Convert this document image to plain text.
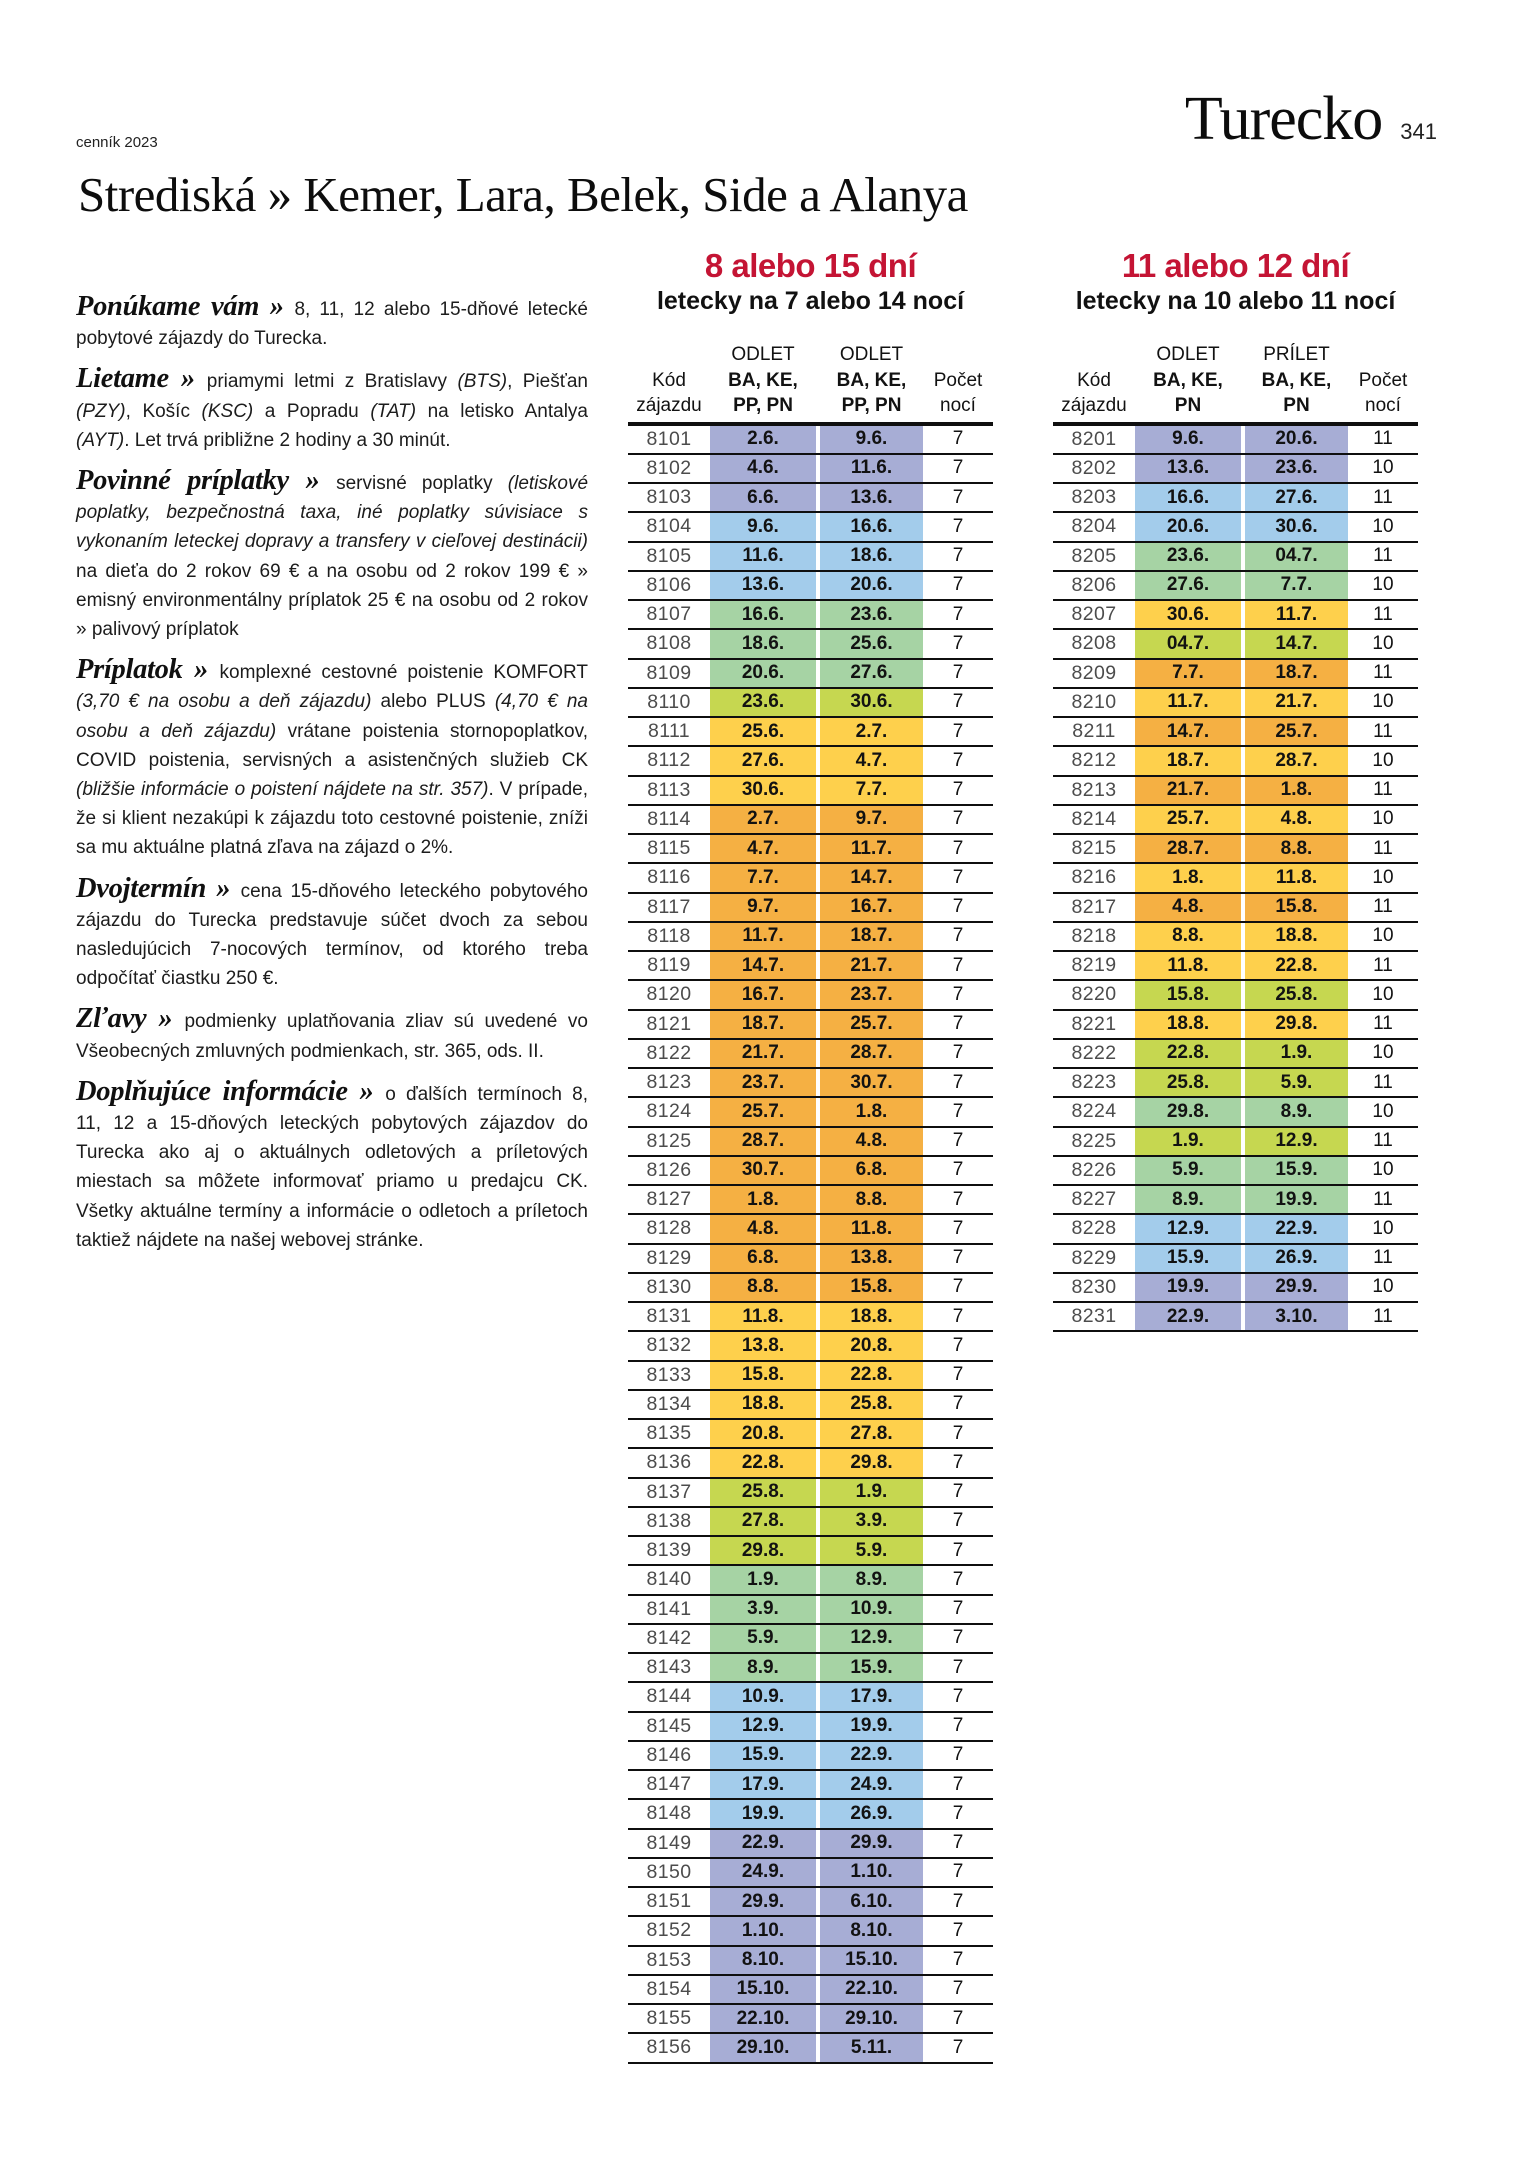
cenník 2023	Turecko 341
Strediská » Kemer, Lara, Belek, Side a Alanya
Ponúkame vám » 8, 11, 12 alebo 15-dňové letecké pobytové zájazdy do Turecka.
Lietame » priamymi letmi z Bratislavy (BTS), Piešťan (PZY), Košíc (KSC) a Popradu (TAT) na letisko Antalya (AYT). Let trvá približne 2 hodiny a 30 minút.
Povinné príplatky » servisné poplatky (letiskové poplatky, bezpečnostná taxa, iné poplatky súvisiace s vykonaním leteckej dopravy a transfery v cieľovej destinácii) na dieťa do 2 rokov 69 € a na osobu od 2 rokov 199 € » emisný environmentálny príplatok 25 € na osobu od 2 rokov » palivový príplatok
Príplatok » komplexné cestovné poistenie KOMFORT (3,70 € na osobu a deň zájazdu) alebo PLUS (4,70 € na osobu a deň zájazdu) vrátane poistenia stornopoplatkov, COVID poistenia, servisných a asistenčných služieb CK (bližšie informácie o poistení nájdete na str. 357). V prípade, že si klient nezakúpi k zájazdu toto cestovné poistenie, zníži sa mu aktuálne platná zľava na zájazd o 2%.
Dvojtermín » cena 15-dňového leteckého pobytového zájazdu do Turecka predstavuje súčet dvoch za sebou nasledujúcich 7-nocových termínov, od ktorého treba odpočítať čiastku 250 €.
Zľavy » podmienky uplatňovania zliav sú uvedené vo Všeobecných zmluvných podmienkach, str. 365, ods. II.
Doplňujúce informácie » o ďalších termínoch 8, 11, 12 a 15-dňových leteckých pobytových zájazdov do Turecka ako aj o aktuálnych odletových a príletových miestach sa môžete informovať priamo u predajcu CK. Všetky aktuálne termíny a informácie o odletoch a príletoch taktiež nájdete na našej webovej stránke.
8 alebo 15 dní
letecky na 7 alebo 14 nocí
Kód
zájazdu
ODLET
BA, KE,
PP, PN
ODLET
BA, KE,
PP, PN
Počet
nocí
8101	2.6.	9.6.	7
8102	4.6.	11.6.	7
8103	6.6.	13.6.	7
8104	9.6.	16.6.	7
8105	11.6.	18.6.	7
8106	13.6.	20.6.	7
8107	16.6.	23.6.	7
8108	18.6.	25.6.	7
8109	20.6.	27.6.	7
8110	23.6.	30.6.	7
8111	25.6.	2.7.	7
8112	27.6.	4.7.	7
8113	30.6.	7.7.	7
8114	2.7.	9.7.	7
8115	4.7.	11.7.	7
8116	7.7.	14.7.	7
8117	9.7.	16.7.	7
8118	11.7.	18.7.	7
8119	14.7.	21.7.	7
8120	16.7.	23.7.	7
8121	18.7.	25.7.	7
8122	21.7.	28.7.	7
8123	23.7.	30.7.	7
8124	25.7.	1.8.	7
8125	28.7.	4.8.	7
8126	30.7.	6.8.	7
8127	1.8.	8.8.	7
8128	4.8.	11.8.	7
8129	6.8.	13.8.	7
8130	8.8.	15.8.	7
8131	11.8.	18.8.	7
8132	13.8.	20.8.	7
8133	15.8.	22.8.	7
8134	18.8.	25.8.	7
8135	20.8.	27.8.	7
8136	22.8.	29.8.	7
8137	25.8.	1.9.	7
8138	27.8.	3.9.	7
8139	29.8.	5.9.	7
8140	1.9.	8.9.	7
8141	3.9.	10.9.	7
8142	5.9.	12.9.	7
8143	8.9.	15.9.	7
8144	10.9.	17.9.	7
8145	12.9.	19.9.	7
8146	15.9.	22.9.	7
8147	17.9.	24.9.	7
8148	19.9.	26.9.	7
8149	22.9.	29.9.	7
8150	24.9.	1.10.	7
8151	29.9.	6.10.	7
8152	1.10.	8.10.	7
8153	8.10.	15.10.	7
8154	15.10.	22.10.	7
8155	22.10.	29.10.	7
8156	29.10.	5.11.	7
11 alebo 12 dní
letecky na 10 alebo 11 nocí
Kód
zájazdu
ODLET
BA, KE,
PN
PRÍLET
BA, KE,
PN
Počet
nocí
8201	9.6.	20.6.	11
8202	13.6.	23.6.	10
8203	16.6.	27.6.	11
8204	20.6.	30.6.	10
8205	23.6.	04.7.	11
8206	27.6.	7.7.	10
8207	30.6.	11.7.	11
8208	04.7.	14.7.	10
8209	7.7.	18.7.	11
8210	11.7.	21.7.	10
8211	14.7.	25.7.	11
8212	18.7.	28.7.	10
8213	21.7.	1.8.	11
8214	25.7.	4.8.	10
8215	28.7.	8.8.	11
8216	1.8.	11.8.	10
8217	4.8.	15.8.	11
8218	8.8.	18.8.	10
8219	11.8.	22.8.	11
8220	15.8.	25.8.	10
8221	18.8.	29.8.	11
8222	22.8.	1.9.	10
8223	25.8.	5.9.	11
8224	29.8.	8.9.	10
8225	1.9.	12.9.	11
8226	5.9.	15.9.	10
8227	8.9.	19.9.	11
8228	12.9.	22.9.	10
8229	15.9.	26.9.	11
8230	19.9.	29.9.	10
8231	22.9.	3.10.	11
